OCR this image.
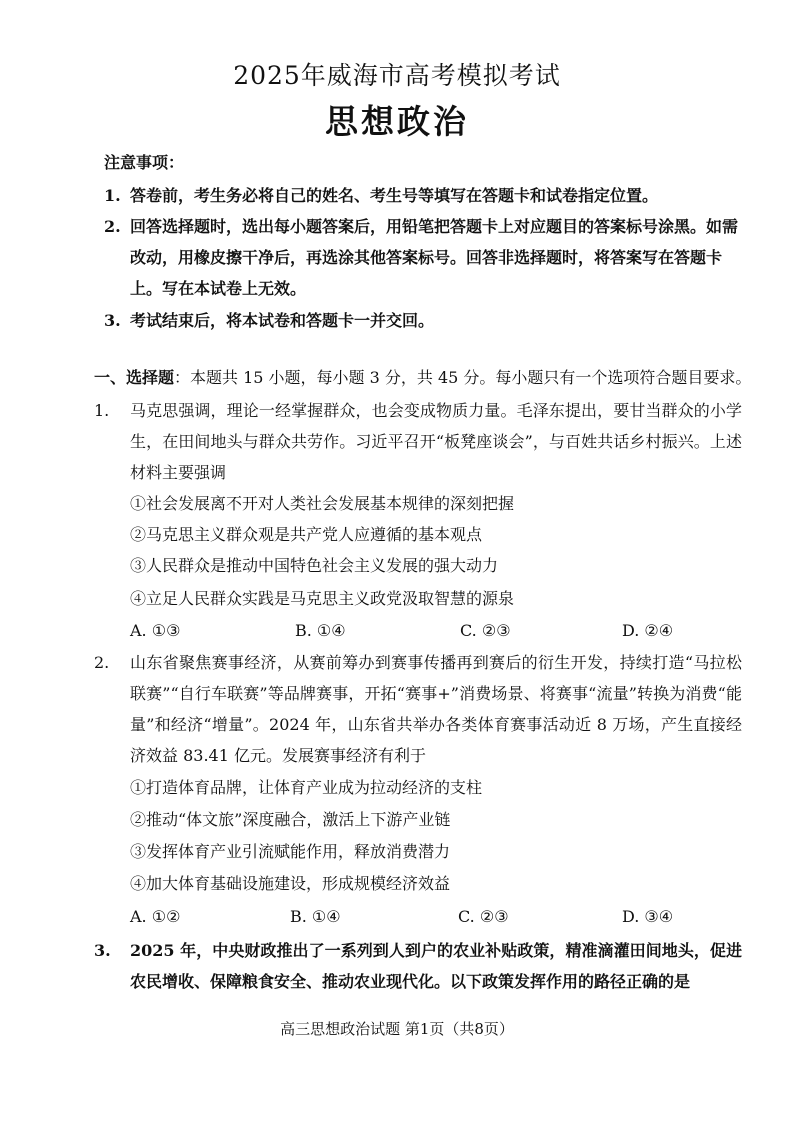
2025年威海市高考模拟考试
思想政治
注意事项：
1. 答卷前，考生务必将自己的姓名、考生号等填写在答题卡和试卷指定位置。
2. 回答选择题时，选出每小题答案后，用铅笔把答题卡上对应题目的答案标号涂黑。如需改动，用橡皮擦干净后，再选涂其他答案标号。回答非选择题时，将答案写在答题卡上。写在本试卷上无效。
3. 考试结束后，将本试卷和答题卡一并交回。
一、选择题：本题共 15 小题，每小题 3 分，共 45 分。每小题只有一个选项符合题目要求。
1. 马克思强调，理论一经掌握群众，也会变成物质力量。毛泽东提出，要甘当群众的小学生，在田间地头与群众共劳作。习近平召开“板凳座谈会”，与百姓共话乡村振兴。上述材料主要强调
①社会发展离不开对人类社会发展基本规律的深刻把握
②马克思主义群众观是共产党人应遵循的基本观点
③人民群众是推动中国特色社会主义发展的强大动力
④立足人民群众实践是马克思主义政党汲取智慧的源泉
A. ①③	B. ①④	C. ②③	D. ②④
2. 山东省聚焦赛事经济，从赛前筹办到赛事传播再到赛后的衍生开发，持续打造“马拉松联赛”“自行车联赛”等品牌赛事，开拓“赛事+”消费场景、将赛事“流量”转换为消费“能量”和经济“增量”。2024 年，山东省共举办各类体育赛事活动近 8 万场，产生直接经济效益 83.41 亿元。发展赛事经济有利于
①打造体育品牌，让体育产业成为拉动经济的支柱
②推动“体文旅”深度融合，激活上下游产业链
③发挥体育产业引流赋能作用，释放消费潜力
④加大体育基础设施建设，形成规模经济效益
A. ①②	B. ①④	C. ②③	D. ③④
3. 2025 年，中央财政推出了一系列到人到户的农业补贴政策，精准滴灌田间地头，促进农民增收、保障粮食安全、推动农业现代化。以下政策发挥作用的路径正确的是
高三思想政治试题 第1页（共8页）
